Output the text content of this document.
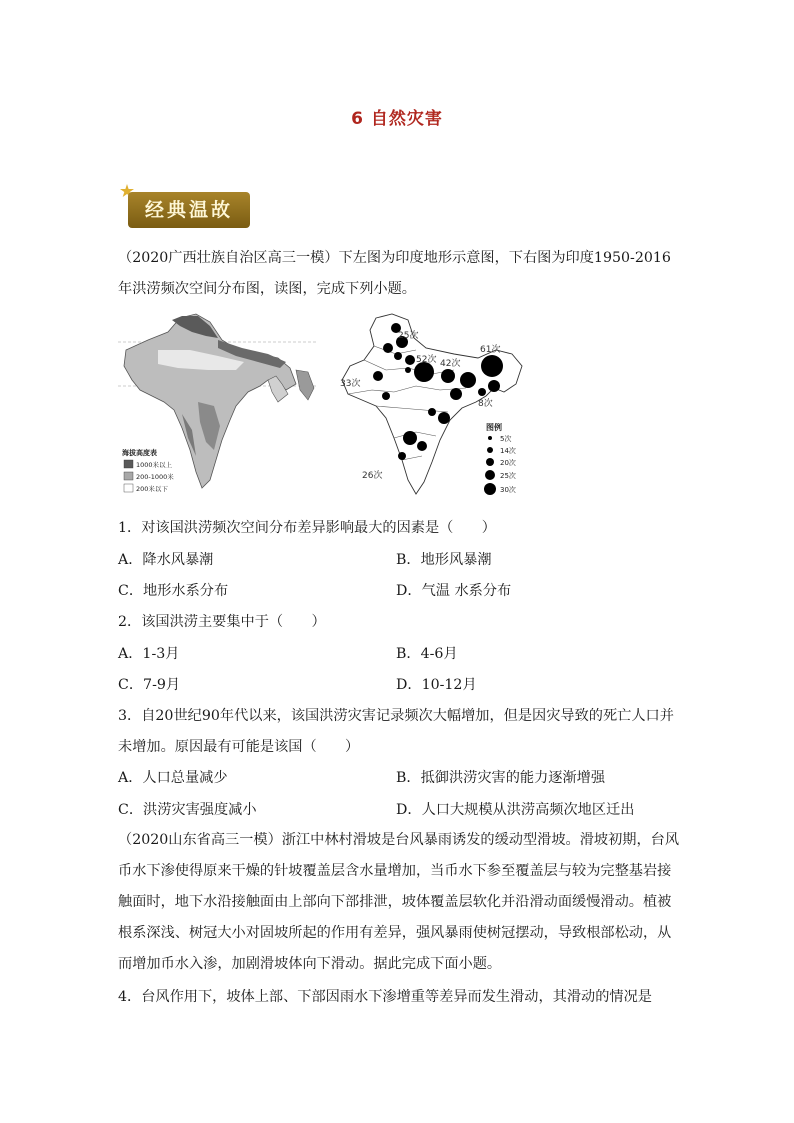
6 自然灾害
经典温故
（2020广西壮族自治区高三一模）下左图为印度地形示意图，下右图为印度1950-2016年洪涝频次空间分布图，读图，完成下列小题。
海拔高度表
1000米以上
200-1000米
200米以下
25次
52次 42次
61次
33次
8次
26次
图例
5次
14次
20次
25次
30次
1．对该国洪涝频次空间分布差异影响最大的因素是（　　）
A．降水风暴潮	B．地形风暴潮
C．地形水系分布	D．气温 水系分布
2．该国洪涝主要集中于（　　）
A．1-3月	B．4-6月
C．7-9月	D．10-12月
3．自20世纪90年代以来，该国洪涝灾害记录频次大幅增加，但是因灾导致的死亡人口并未增加。原因最有可能是该国（　　）
A．人口总量减少	B．抵御洪涝灾害的能力逐渐增强
C．洪涝灾害强度减小	D．人口大规模从洪涝高频次地区迁出
（2020山东省高三一模）浙江中林村滑坡是台风暴雨诱发的缓动型滑坡。滑坡初期，台风币水下渗使得原来干燥的针坡覆盖层含水量增加，当币水下参至覆盖层与较为完整基岩接触面时，地下水沿接触面由上部向下部排泄，坡体覆盖层软化并沿滑动面缓慢滑动。植被根系深浅、树冠大小对固坡所起的作用有差异，强风暴雨使树冠摆动，导致根部松动，从而增加币水入渗，加剧滑坡体向下滑动。据此完成下面小题。
4．台风作用下，坡体上部、下部因雨水下渗增重等差异而发生滑动，其滑动的情况是
